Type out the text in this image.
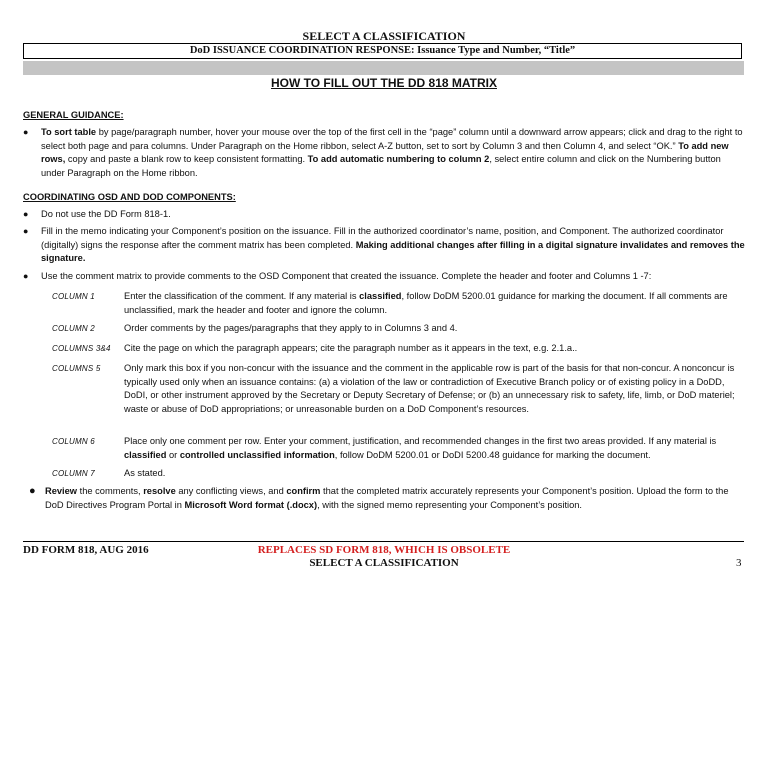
SELECT A CLASSIFICATION
DoD ISSUANCE COORDINATION RESPONSE: Issuance Type and Number, “Title”
HOW TO FILL OUT THE DD 818 MATRIX
GENERAL GUIDANCE:
● To sort table by page/paragraph number, hover your mouse over the top of the first cell in the “page” column until a downward arrow appears; click and drag to the right to select both page and para columns. Under Paragraph on the Home ribbon, select A-Z button, set to sort by Column 3 and then Column 4, and select “OK.” To add new rows, copy and paste a blank row to keep consistent formatting. To add automatic numbering to column 2, select entire column and click on the Numbering button under Paragraph on the Home ribbon.
COORDINATING OSD AND DOD COMPONENTS:
● Do not use the DD Form 818-1.
● Fill in the memo indicating your Component’s position on the issuance. Fill in the authorized coordinator’s name, position, and Component. The authorized coordinator (digitally) signs the response after the comment matrix has been completed. Making additional changes after filling in a digital signature invalidates and removes the signature.
● Use the comment matrix to provide comments to the OSD Component that created the issuance. Complete the header and footer and Columns 1 -7:
COLUMN 1	Enter the classification of the comment. If any material is classified, follow DoDM 5200.01 guidance for marking the document. If all comments are unclassified, mark the header and footer and ignore the column.
COLUMN 2	Order comments by the pages/paragraphs that they apply to in Columns 3 and 4.
COLUMNS 3&4 Cite the page on which the paragraph appears; cite the paragraph number as it appears in the text, e.g. 2.1.a..
COLUMNS 5	Only mark this box if you non-concur with the issuance and the comment in the applicable row is part of the basis for that non-concur. A nonconcur is typically used only when an issuance contains: (a) a violation of the law or contradiction of Executive Branch policy or of existing policy in a DoDD, DoDI, or other instrument approved by the Secretary or Deputy Secretary of Defense; or (b) an unnecessary risk to safety, life, limb, or DoD materiel; waste or abuse of DoD appropriations; or unreasonable burden on a DoD Component’s resources.
COLUMN 6	Place only one comment per row. Enter your comment, justification, and recommended changes in the first two areas provided. If any material is classified or controlled unclassified information, follow DoDM 5200.01 or DoDI 5200.48 guidance for marking the document.
COLUMN 7	As stated.
● Review the comments, resolve any conflicting views, and confirm that the completed matrix accurately represents your Component’s position. Upload the form to the DoD Directives Program Portal in Microsoft Word format (.docx), with the signed memo representing your Component’s position.
DD FORM 818, AUG 2016	REPLACES SD FORM 818, WHICH IS OBSOLETE
SELECT A CLASSIFICATION	3
